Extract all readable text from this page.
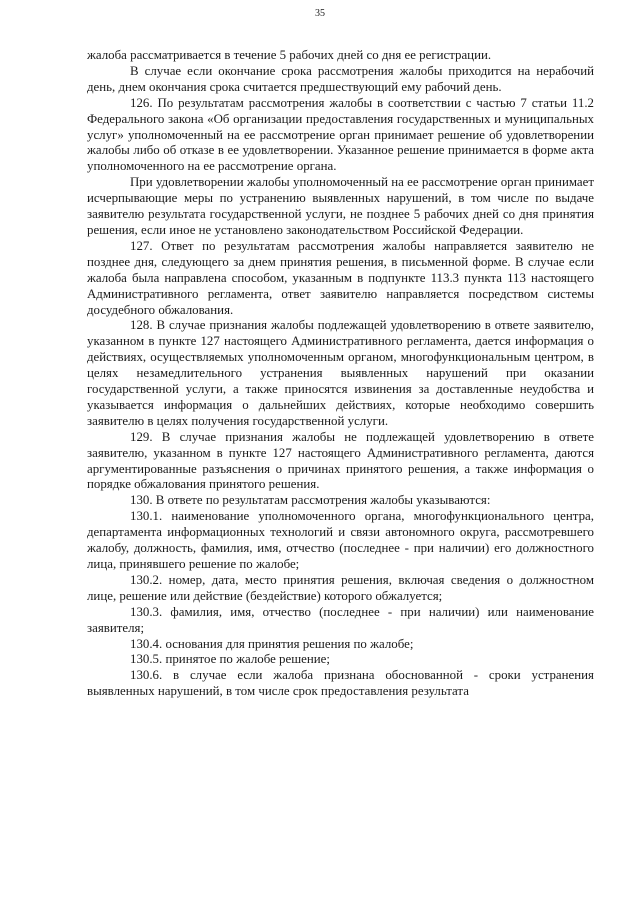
35

жалоба рассматривается в течение 5 рабочих дней со дня ее регистрации.

В случае если окончание срока рассмотрения жалобы приходится на нерабочий день, днем окончания срока считается предшествующий ему рабочий день.

126. По результатам рассмотрения жалобы в соответствии с частью 7 статьи 11.2 Федерального закона «Об организации предоставления государственных и муниципальных услуг» уполномоченный на ее рассмотрение орган принимает решение об удовлетворении жалобы либо об отказе в ее удовлетворении. Указанное решение принимается в форме акта уполномоченного на ее рассмотрение органа.

При удовлетворении жалобы уполномоченный на ее рассмотрение орган принимает исчерпывающие меры по устранению выявленных нарушений, в том числе по выдаче заявителю результата государственной услуги, не позднее 5 рабочих дней со дня принятия решения, если иное не установлено законодательством Российской Федерации.

127. Ответ по результатам рассмотрения жалобы направляется заявителю не позднее дня, следующего за днем принятия решения, в письменной форме. В случае если жалоба была направлена способом, указанным в подпункте 113.3 пункта 113 настоящего Административного регламента, ответ заявителю направляется посредством системы досудебного обжалования.

128. В случае признания жалобы подлежащей удовлетворению в ответе заявителю, указанном в пункте 127 настоящего Административного регламента, дается информация о действиях, осуществляемых уполномоченным органом, многофункциональным центром, в целях незамедлительного устранения выявленных нарушений при оказании государственной услуги, а также приносятся извинения за доставленные неудобства и указывается информация о дальнейших действиях, которые необходимо совершить заявителю в целях получения государственной услуги.

129. В случае признания жалобы не подлежащей удовлетворению в ответе заявителю, указанном в пункте 127 настоящего Административного регламента, даются аргументированные разъяснения о причинах принятого решения, а также информация о порядке обжалования принятого решения.

130. В ответе по результатам рассмотрения жалобы указываются:

130.1. наименование уполномоченного органа, многофункционального центра, департамента информационных технологий и связи автономного округа, рассмотревшего жалобу, должность, фамилия, имя, отчество (последнее - при наличии) его должностного лица, принявшего решение по жалобе;

130.2. номер, дата, место принятия решения, включая сведения о должностном лице, решение или действие (бездействие) которого обжалуется;

130.3. фамилия, имя, отчество (последнее - при наличии) или наименование заявителя;

130.4. основания для принятия решения по жалобе;

130.5. принятое по жалобе решение;

130.6. в случае если жалоба признана обоснованной - сроки устранения выявленных нарушений, в том числе срок предоставления результата
